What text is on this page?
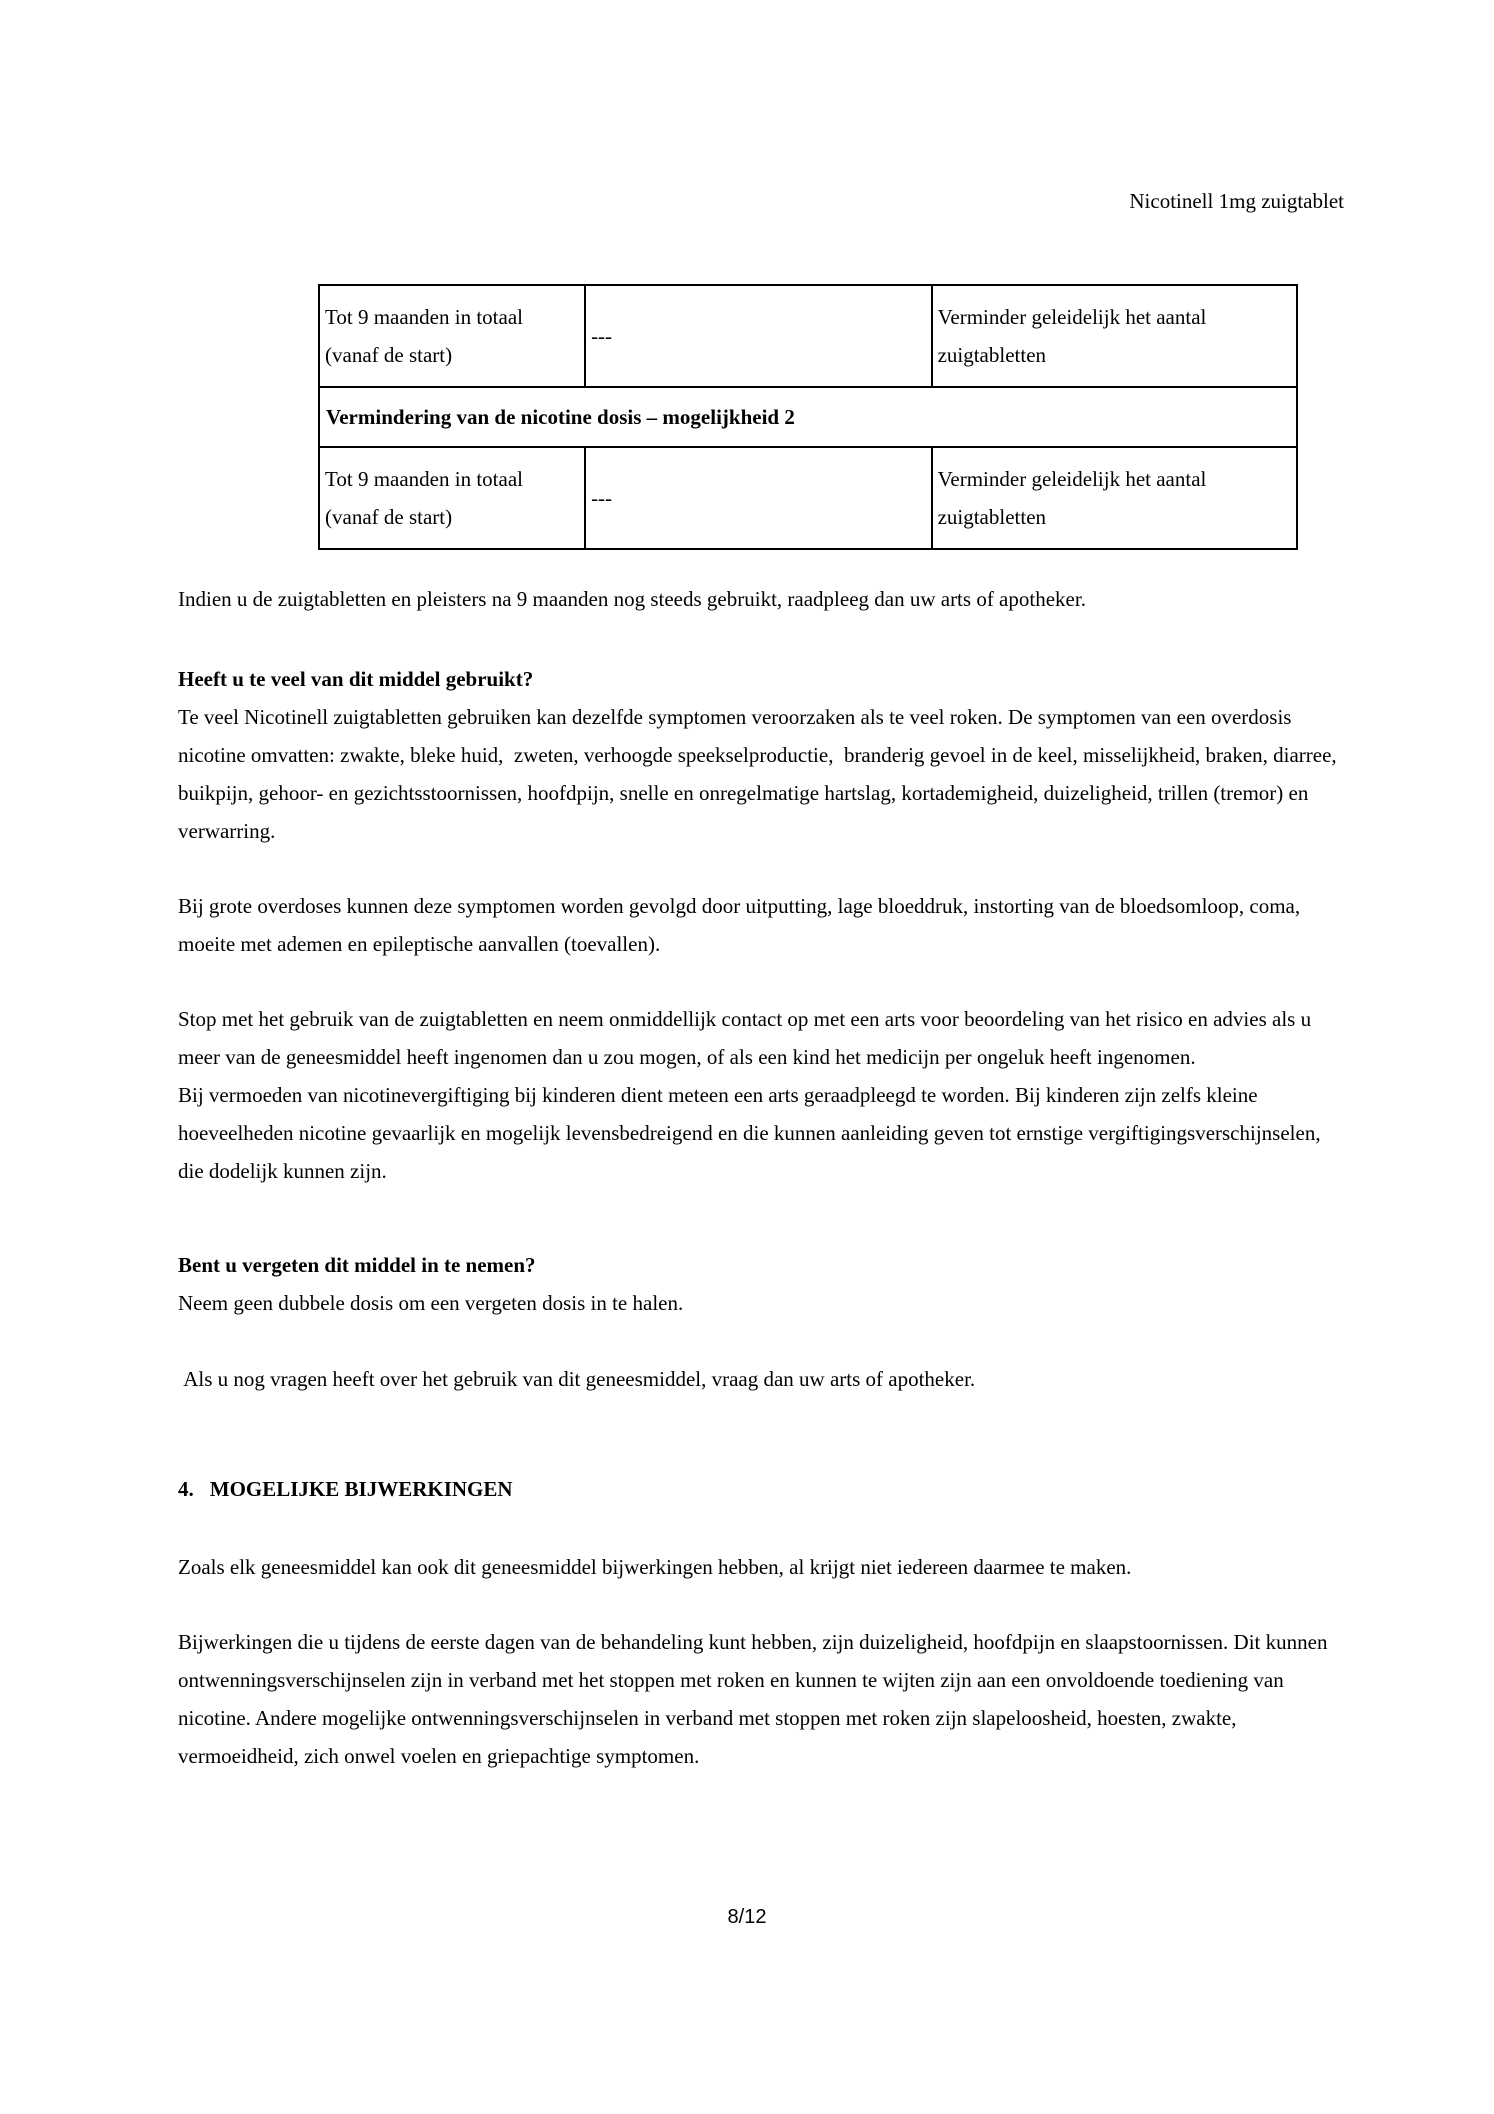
Nicotinell 1mg zuigtablet
Tot 9 maanden in totaal (vanaf de start)	---	Verminder geleidelijk het aantal zuigtabletten
Vermindering van de nicotine dosis – mogelijkheid 2		
Tot 9 maanden in totaal (vanaf de start)	---	Verminder geleidelijk het aantal zuigtabletten

Indien u de zuigtabletten en pleisters na 9 maanden nog steeds gebruikt, raadpleeg dan uw arts of apotheker.

Heeft u te veel van dit middel gebruikt?

Te veel Nicotinell zuigtabletten gebruiken kan dezelfde symptomen veroorzaken als te veel roken. De symptomen van een overdosis nicotine omvatten: zwakte, bleke huid,  zweten, verhoogde speekselproductie,  branderig gevoel in de keel, misselijkheid, braken, diarree, buikpijn, gehoor- en gezichtsstoornissen, hoofdpijn, snelle en onregelmatige hartslag, kortademigheid, duizeligheid, trillen (tremor) en verwarring.

Bij grote overdoses kunnen deze symptomen worden gevolgd door uitputting, lage bloeddruk, instorting van de bloedsomloop, coma, moeite met ademen en epileptische aanvallen (toevallen).

Stop met het gebruik van de zuigtabletten en neem onmiddellijk contact op met een arts voor beoordeling van het risico en advies als u meer van de geneesmiddel heeft ingenomen dan u zou mogen, of als een kind het medicijn per ongeluk heeft ingenomen.

Bij vermoeden van nicotinevergiftiging bij kinderen dient meteen een arts geraadpleegd te worden. Bij kinderen zijn zelfs kleine hoeveelheden nicotine gevaarlijk en mogelijk levensbedreigend en die kunnen aanleiding geven tot ernstige vergiftigingsverschijnselen, die dodelijk kunnen zijn.

Bent u vergeten dit middel in te nemen?

Neem geen dubbele dosis om een vergeten dosis in te halen.

Als u nog vragen heeft over het gebruik van dit geneesmiddel, vraag dan uw arts of apotheker.

4. MOGELIJKE BIJWERKINGEN

Zoals elk geneesmiddel kan ook dit geneesmiddel bijwerkingen hebben, al krijgt niet iedereen daarmee te maken.

Bijwerkingen die u tijdens de eerste dagen van de behandeling kunt hebben, zijn duizeligheid, hoofdpijn en slaapstoornissen. Dit kunnen ontwenningsverschijnselen zijn in verband met het stoppen met roken en kunnen te wijten zijn aan een onvoldoende toediening van nicotine. Andere mogelijke ontwenningsverschijnselen in verband met stoppen met roken zijn slapeloosheid, hoesten, zwakte, vermoeidheid, zich onwel voelen en griepachtige symptomen.

8/12
